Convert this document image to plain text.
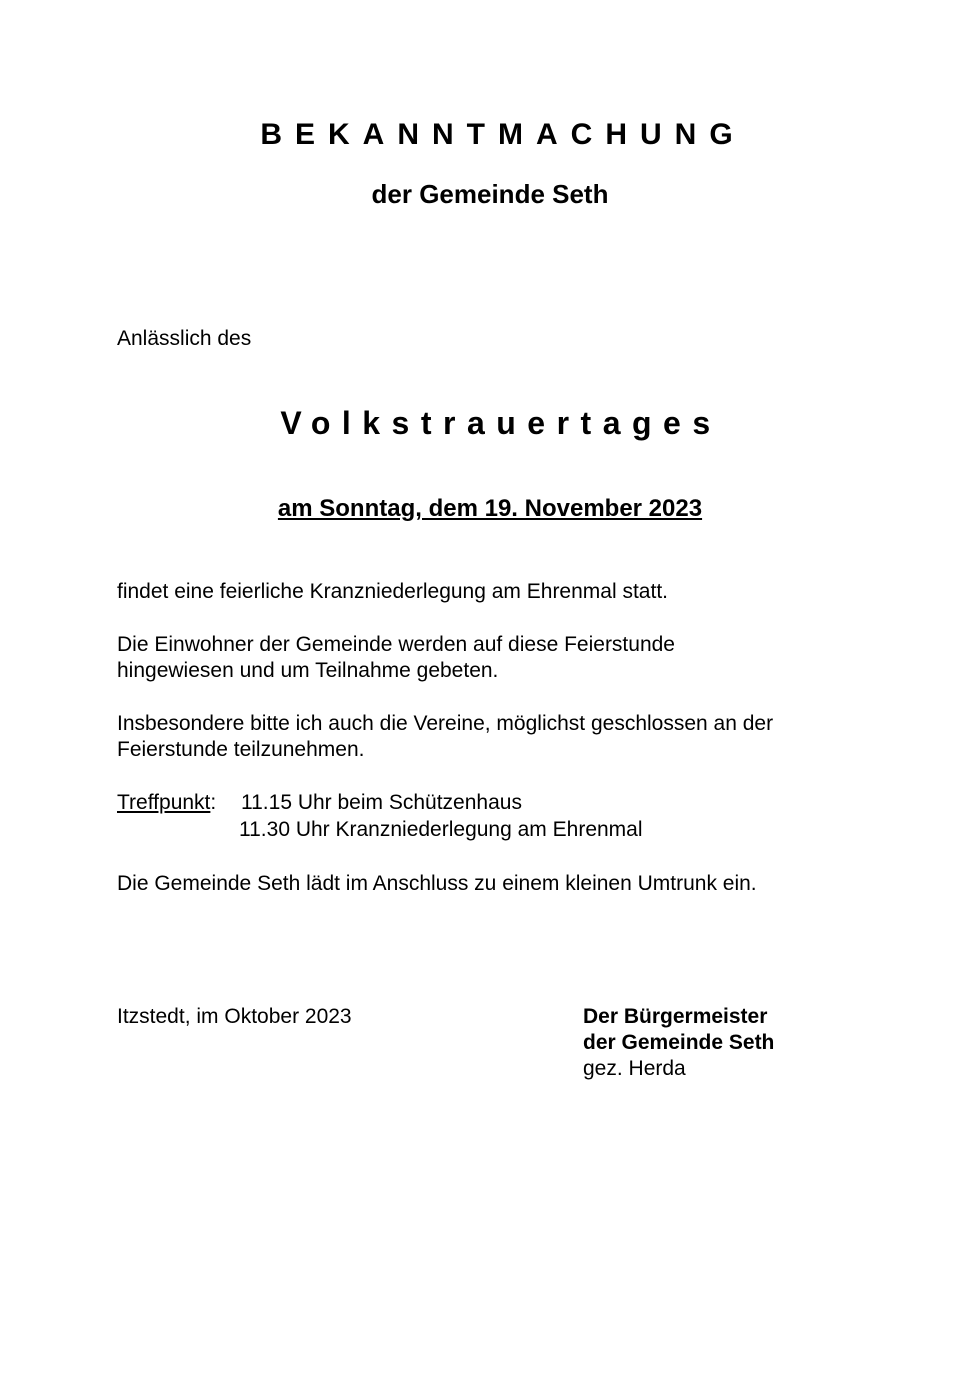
BEKANNTMACHUNG
der Gemeinde Seth
Anlässlich des
Volkstrauertages
am Sonntag, dem 19. November 2023
findet eine feierliche Kranzniederlegung am Ehrenmal statt.
Die Einwohner der Gemeinde werden auf diese Feierstunde
hingewiesen und um Teilnahme gebeten.
Insbesondere bitte ich auch die Vereine, möglichst geschlossen an der
Feierstunde teilzunehmen.
Treffpunkt: 11.15 Uhr beim Schützenhaus
11.30 Uhr Kranzniederlegung am Ehrenmal
Die Gemeinde Seth lädt im Anschluss zu einem kleinen Umtrunk ein.
Itzstedt, im Oktober 2023	Der Bürgermeister
der Gemeinde Seth
gez. Herda
